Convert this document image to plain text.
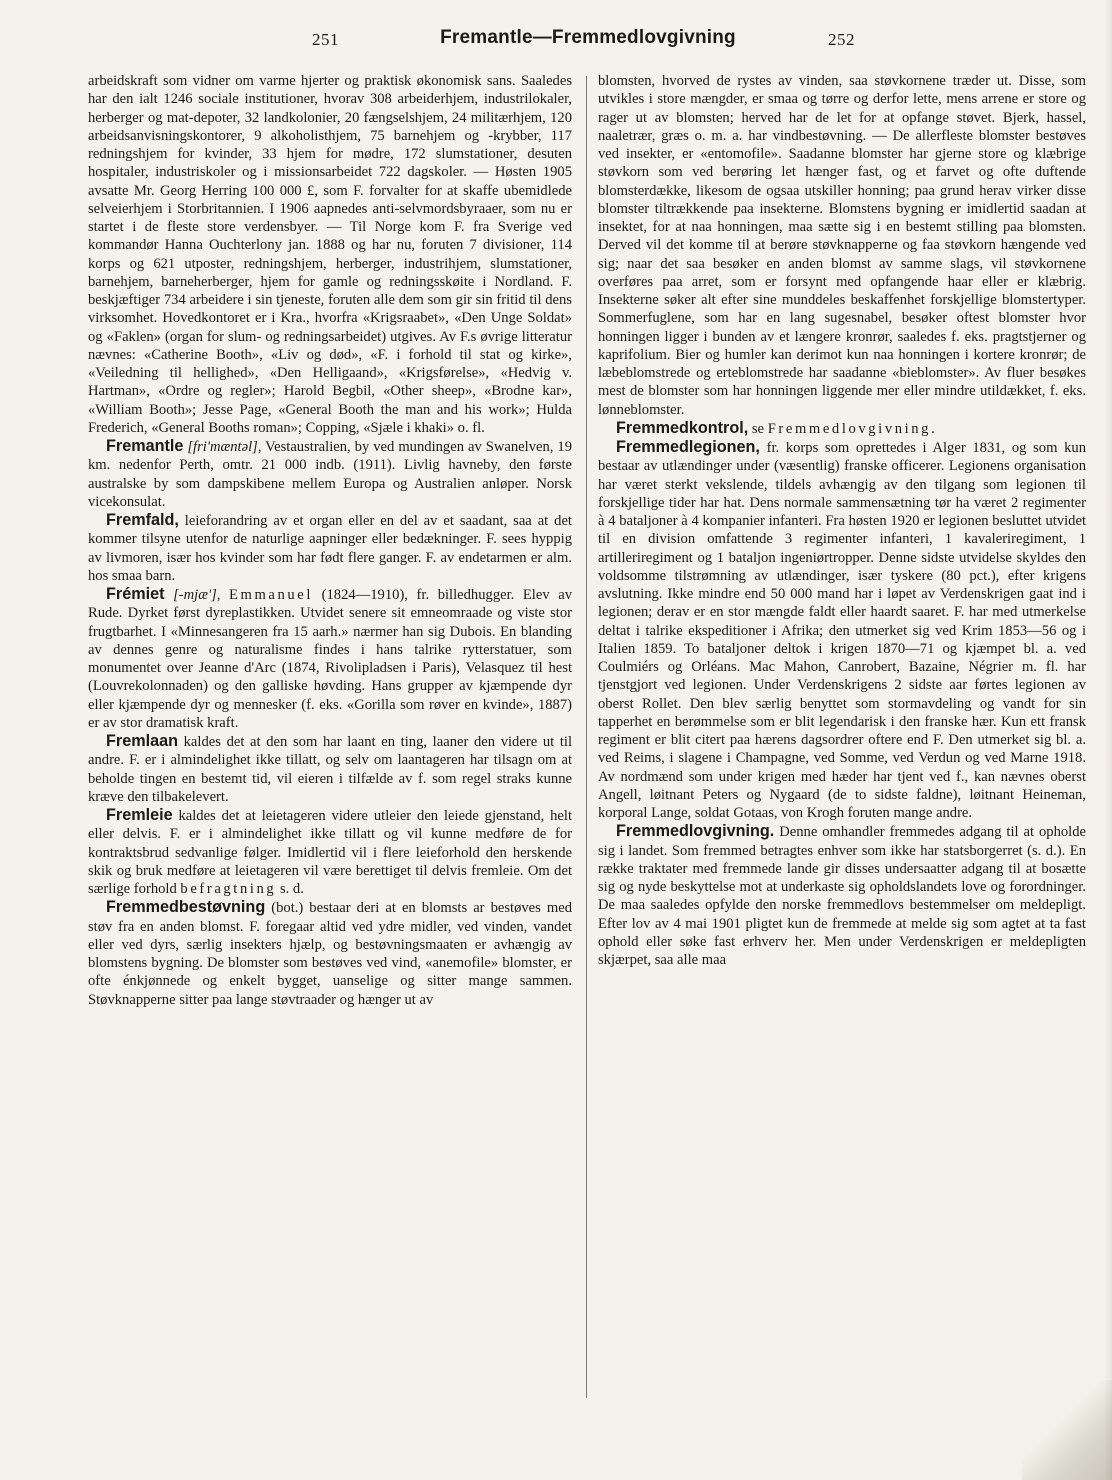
251	Fremantle—Fremmedlovgivning	252

arbeidskraft som vidner om varme hjerter og praktisk økonomisk sans. Saaledes har den ialt 1246 sociale institutioner, hvorav 308 arbeiderhjem, industrilokaler, herberger og mat-depoter, 32 landkolonier, 20 fængselshjem, 24 militærhjem, 120 arbeidsanvisningskontorer, 9 alkoholisthjem, 75 barnehjem og -krybber, 117 redningshjem for kvinder, 33 hjem for mødre, 172 slumstationer, desuten hospitaler, industriskoler og i missionsarbeidet 722 dagskoler. — Høsten 1905 avsatte Mr. Georg Herring 100 000 £, som F. forvalter for at skaffe ubemidlede selveierhjem i Storbritannien. I 1906 aapnedes anti-selvmordsbyraaer, som nu er startet i de fleste store verdensbyer. — Til Norge kom F. fra Sverige ved kommandør Hanna Ouchterlony jan. 1888 og har nu, foruten 7 divisioner, 114 korps og 621 utposter, redningshjem, herberger, industrihjem, slumstationer, barnehjem, barneherberger, hjem for gamle og redningsskøite i Nordland. F. beskjæftiger 734 arbeidere i sin tjeneste, foruten alle dem som gir sin fritid til dens virksomhet. Hovedkontoret er i Kra., hvorfra «Krigsraabet», «Den Unge Soldat» og «Faklen» (organ for slum- og redningsarbeidet) utgives. Av F.s øvrige litteratur nævnes: «Catherine Booth», «Liv og død», «F. i forhold til stat og kirke», «Veiledning til hellighed», «Den Helligaand», «Krigsførelse», «Hedvig v. Hartman», «Ordre og regler»; Harold Begbil, «Other sheep», «Brodne kar», «William Booth»; Jesse Page, «General Booth the man and his work»; Hulda Frederich, «General Booths roman»; Copping, «Sjæle i khaki» o. fl.

Fremantle [fri'mæntəl], Vestaustralien, by ved mundingen av Swanelven, 19 km. nedenfor Perth, omtr. 21 000 indb. (1911). Livlig havneby, den første australske by som dampskibene mellem Europa og Australien anløper. Norsk vicekonsulat.

Fremfald, leieforandring av et organ eller en del av et saadant, saa at det kommer tilsyne utenfor de naturlige aapninger eller bedækninger. F. sees hyppig av livmoren, især hos kvinder som har født flere ganger. F. av endetarmen er alm. hos smaa barn.

Frémiet [-mjæ'], Emmanuel (1824—1910), fr. billedhugger. Elev av Rude. Dyrket først dyreplastikken. Utvidet senere sit emneomraade og viste stor frugtbarhet. I «Minnesangeren fra 15 aarh.» nærmer han sig Dubois. En blanding av dennes genre og naturalisme findes i hans talrike rytterstatuer, som monumentet over Jeanne d'Arc (1874, Rivolipladsen i Paris), Velasquez til hest (Louvrekolonnaden) og den galliske høvding. Hans grupper av kjæmpende dyr eller kjæmpende dyr og mennesker (f. eks. «Gorilla som røver en kvinde», 1887) er av stor dramatisk kraft.

Fremlaan kaldes det at den som har laant en ting, laaner den videre ut til andre. F. er i almindelighet ikke tillatt, og selv om laantageren har tilsagn om at beholde tingen en bestemt tid, vil eieren i tilfælde av f. som regel straks kunne kræve den tilbakelevert.

Fremleie kaldes det at leietageren videre utleier den leiede gjenstand, helt eller delvis. F. er i almindelighet ikke tillatt og vil kunne medføre de for kontraktsbrud sedvanlige følger. Imidlertid vil i flere leieforhold den herskende skik og bruk medføre at leietageren vil være berettiget til delvis fremleie. Om det særlige forhold befragtning s. d.

Fremmedbestøvning (bot.) bestaar deri at en blomsts ar bestøves med støv fra en anden blomst. F. foregaar altid ved ydre midler, ved vinden, vandet eller ved dyrs, særlig insekters hjælp, og bestøvningsmaaten er avhængig av blomstens bygning. De blomster som bestøves ved vind, «anemofile» blomster, er ofte énkjønnede og enkelt bygget, uanselige og sitter mange sammen. Støvknapperne sitter paa lange støvtraader og hænger ut av

blomsten, hvorved de rystes av vinden, saa støvkornene træder ut. Disse, som utvikles i store mængder, er smaa og tørre og derfor lette, mens arrene er store og rager ut av blomsten; herved har de let for at opfange støvet. Bjerk, hassel, naaletrær, græs o. m. a. har vindbestøvning. — De allerfleste blomster bestøves ved insekter, er «entomofile». Saadanne blomster har gjerne store og klæbrige støvkorn som ved berøring let hænger fast, og et farvet og ofte duftende blomsterdække, likesom de ogsaa utskiller honning; paa grund herav virker disse blomster tiltrækkende paa insekterne. Blomstens bygning er imidlertid saadan at insektet, for at naa honningen, maa sætte sig i en bestemt stilling paa blomsten. Derved vil det komme til at berøre støvknapperne og faa støvkorn hængende ved sig; naar det saa besøker en anden blomst av samme slags, vil støvkornene overføres paa arret, som er forsynt med opfangende haar eller er klæbrig. Insekterne søker alt efter sine munddeles beskaffenhet forskjellige blomstertyper. Sommerfuglene, som har en lang sugesnabel, besøker oftest blomster hvor honningen ligger i bunden av et længere kronrør, saaledes f. eks. pragtstjerner og kaprifolium. Bier og humler kan derimot kun naa honningen i kortere kronrør; de læbeblomstrede og erteblomstrede har saadanne «bieblomster». Av fluer besøkes mest de blomster som har honningen liggende mer eller mindre utildækket, f. eks. lønneblomster.

Fremmedkontrol, se Fremmedlovgivning.

Fremmedlegionen, fr. korps som oprettedes i Alger 1831, og som kun bestaar av utlændinger under (væsentlig) franske officerer. Legionens organisation har været sterkt vekslende, tildels avhængig av den tilgang som legionen til forskjellige tider har hat. Dens normale sammensætning tør ha været 2 regimenter à 4 bataljoner à 4 kompanier infanteri. Fra høsten 1920 er legionen besluttet utvidet til en division omfattende 3 regimenter infanteri, 1 kavaleriregiment, 1 artilleriregiment og 1 bataljon ingeniørtropper. Denne sidste utvidelse skyldes den voldsomme tilstrømning av utlændinger, især tyskere (80 pct.), efter krigens avslutning. Ikke mindre end 50 000 mand har i løpet av Verdenskrigen gaat ind i legionen; derav er en stor mængde faldt eller haardt saaret. F. har med utmerkelse deltat i talrike ekspeditioner i Afrika; den utmerket sig ved Krim 1853—56 og i Italien 1859. To bataljoner deltok i krigen 1870—71 og kjæmpet bl. a. ved Coulmiérs og Orléans. Mac Mahon, Canrobert, Bazaine, Négrier m. fl. har tjenstgjort ved legionen. Under Verdenskrigens 2 sidste aar førtes legionen av oberst Rollet. Den blev særlig benyttet som stormavdeling og vandt for sin tapperhet en berømmelse som er blit legendarisk i den franske hær. Kun ett fransk regiment er blit citert paa hærens dagsordrer oftere end F. Den utmerket sig bl. a. ved Reims, i slagene i Champagne, ved Somme, ved Verdun og ved Marne 1918. Av nordmænd som under krigen med hæder har tjent ved f., kan nævnes oberst Angell, løitnant Peters og Nygaard (de to sidste faldne), løitnant Heineman, korporal Lange, soldat Gotaas, von Krogh foruten mange andre.

Fremmedlovgivning. Denne omhandler fremmedes adgang til at opholde sig i landet. Som fremmed betragtes enhver som ikke har statsborgerret (s. d.). En række traktater med fremmede lande gir disses undersaatter adgang til at bosætte sig og nyde beskyttelse mot at underkaste sig opholdslandets love og forordninger. De maa saaledes opfylde den norske fremmedlovs bestemmelser om meldepligt. Efter lov av 4 mai 1901 pligtet kun de fremmede at melde sig som agtet at ta fast ophold eller søke fast erhverv her. Men under Verdenskrigen er meldepligten skjærpet, saa alle maa
